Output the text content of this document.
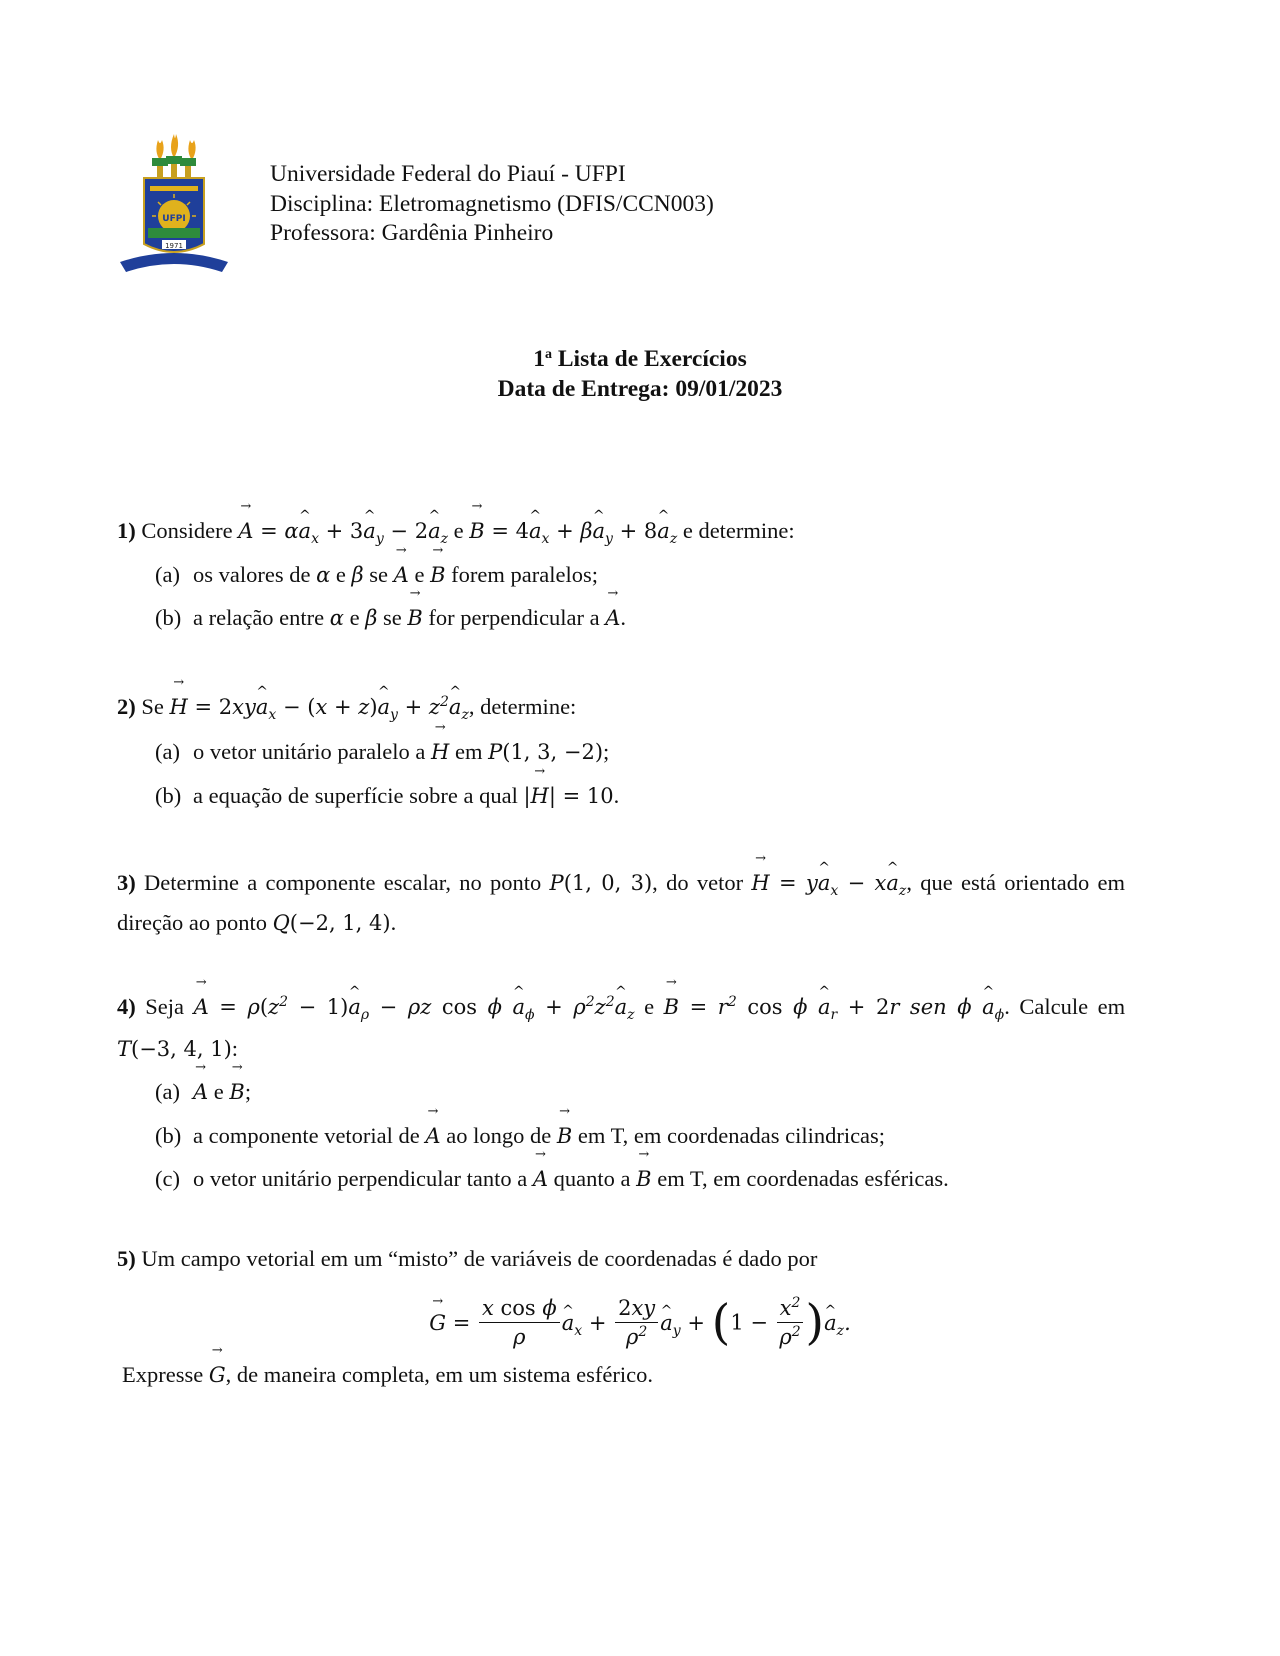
UFPI
1971
Universidade Federal do Piauí - UFPI
Disciplina: Eletromagnetismo (DFIS/CCN003)
Professora: Gardênia Pinheiro
1$^a$ Lista de Exercícios
Data de Entrega: 09/01/2023
1) Considere → A = α^ $a_x$ + 3^ $a_y$ − 2^ $a_z$ e → B = 4^ $a_x$ + β^ $a_y$ + 8^ $a_z$ e determine:
(a) os valores de α e β se → A e → B forem paralelos;
(b) a relação entre α e β se → B for perpendicular a → A.
2) Se → H = 2xy^ $a_x - (x$ + z)^ $a_y$ + $z^2\^{}$ $a_z$, determine:
(a) o vetor unitário paralelo a → H em P(1, 3, −2);
(b) a equação de superfície sobre a qual |→ H| = 10.
3) Determine a componente escalar, no ponto P(1, 0, 3), do vetor → H = y^ $a_x$ − x^ $a_z$, que está orientado em
direção ao ponto Q(−2, 1, 4).
4) Seja → $A = \rho(z^2$ − 1)^ $a_\rho - \rho z$ cos ϕ ^ $a_\phi$ + $\rho^2z^2\^{}$ $a_z$ $e \to B = r^2$ cos ϕ ^ $a_r + 2r$ sen ϕ ^ $a_\phi$. Calcule em
T(−3, 4, 1):
(a) → A e → B;
(b) a componente vetorial de → A ao longo de → B em T, em coordenadas cilindricas;
(c) o vetor unitário perpendicular tanto a → A quanto a → B em T, em coordenadas esféricas.
5) Um campo vetorial em um “misto” de variáveis de coordenadas é dado por
→ $G = \frac{\text{x cos ϕ}}{\rho}$ ^ $a_x + \frac{2xy}{\rho^2}$ ^ $a_y + (1 - \frac{x^2}{\rho^2}$ )^ $a_z$.
Expresse → G, de maneira completa, em um sistema esférico.
